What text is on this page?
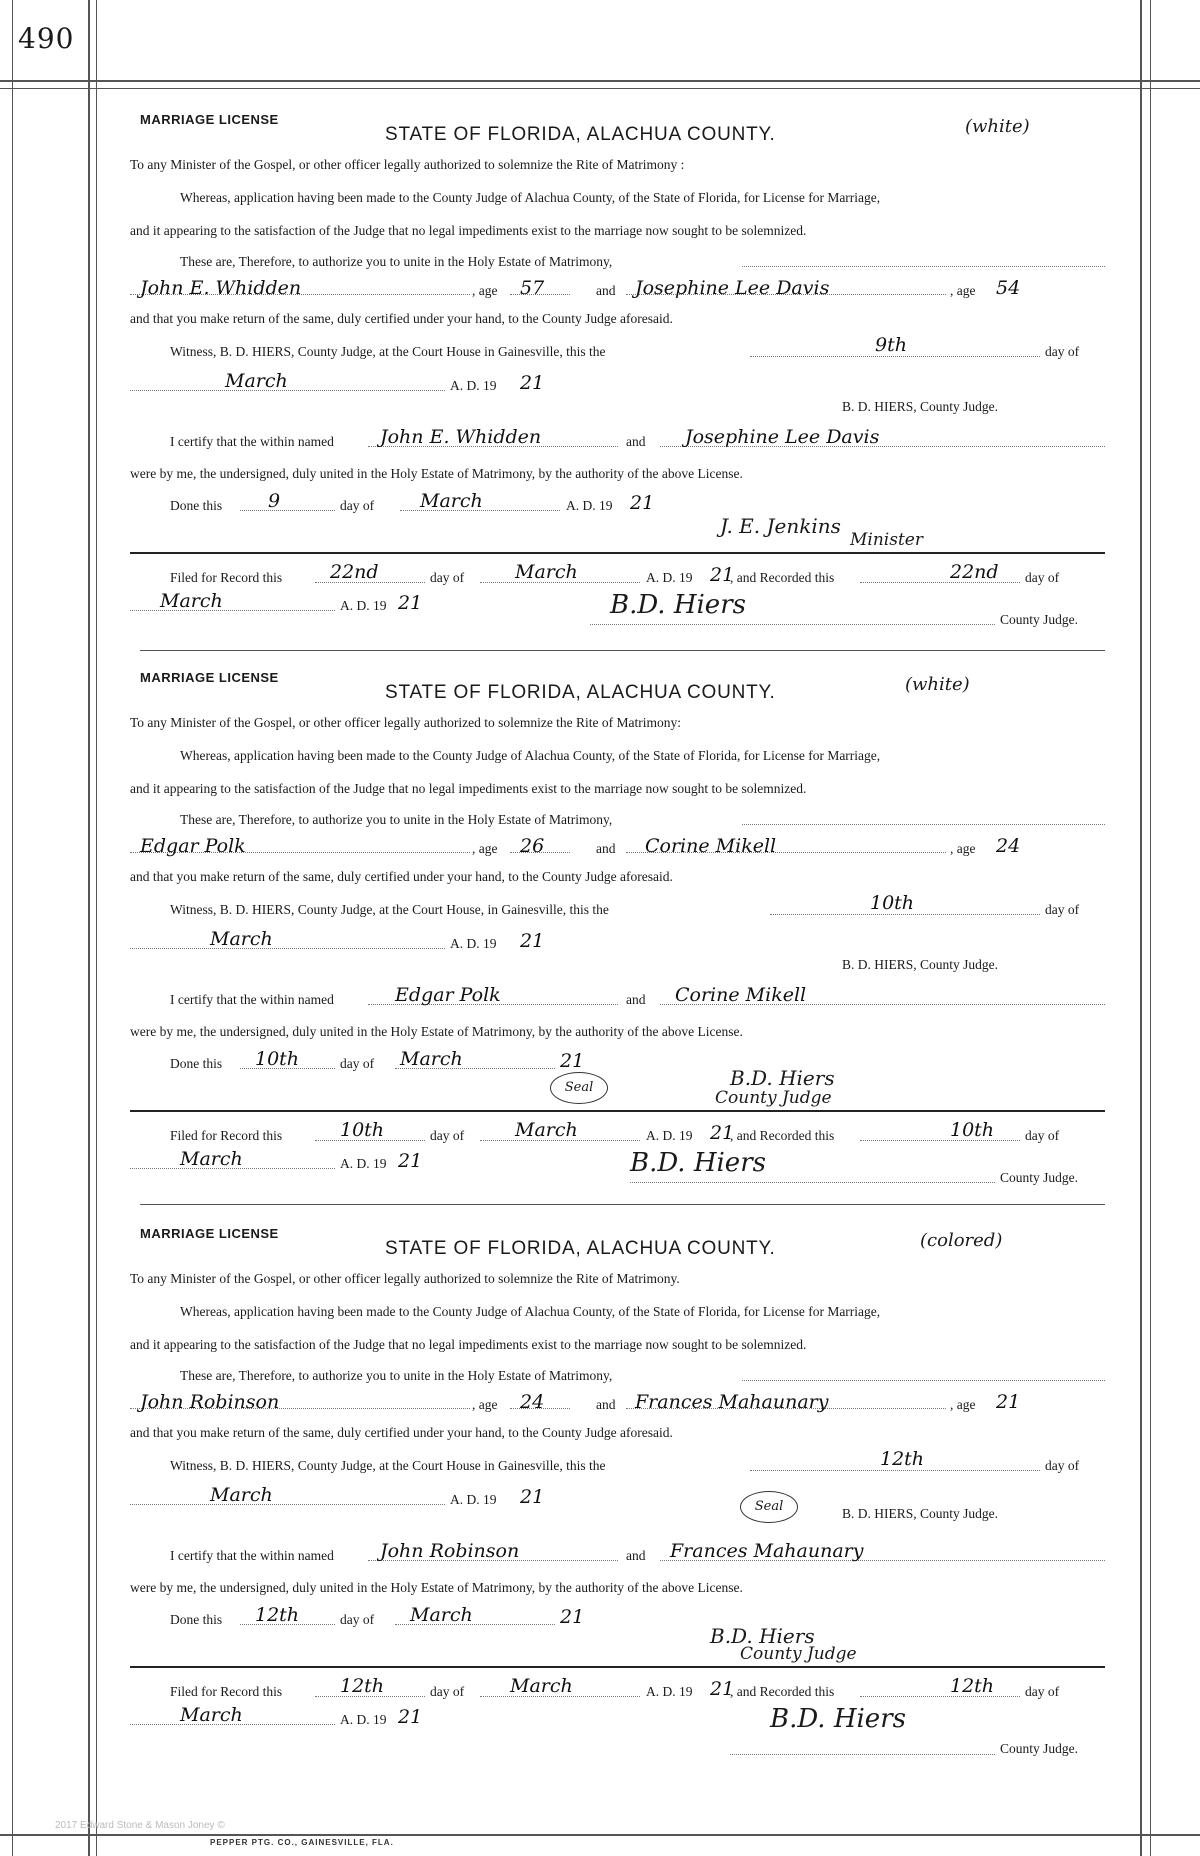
490
2017 Edward Stone & Mason Joney ©
PEPPER PTG. CO., GAINESVILLE, FLA.
MARRIAGE LICENSE
STATE OF FLORIDA, ALACHUA COUNTY.	(white)
To any Minister of the Gospel, or other officer legally authorized to solemnize the Rite of Matrimony :
Whereas, application having been made to the County Judge of Alachua County, of the State of Florida, for License for Marriage,
and it appearing to the satisfaction of the Judge that no legal impediments exist to the marriage now sought to be solemnized.
These are, Therefore, to authorize you to unite in the Holy Estate of Matrimony,
John E. Whidden	, age 57	and Josephine Lee Davis	, age 54
and that you make return of the same, duly certified under your hand, to the County Judge aforesaid.
Witness, B. D. HIERS, County Judge, at the Court House in Gainesville, this the	9th	day of
March	A. D. 19 21
B. D. HIERS, County Judge.
I certify that the within named John E. Whidden	and Josephine Lee Davis
were by me, the undersigned, duly united in the Holy Estate of Matrimony, by the authority of the above License.
Done this 9	day of March	A. D. 19 21
J. E. Jenkins
Minister
Filed for Record this	22nd	day of	March	A. D. 19 21
, and Recorded this	22nd day of
March	A. D. 19 21	B.D. Hiers	County Judge.
MARRIAGE LICENSE
STATE OF FLORIDA, ALACHUA COUNTY.	(white)
To any Minister of the Gospel, or other officer legally authorized to solemnize the Rite of Matrimony:
Whereas, application having been made to the County Judge of Alachua County, of the State of Florida, for License for Marriage,
and it appearing to the satisfaction of the Judge that no legal impediments exist to the marriage now sought to be solemnized.
These are, Therefore, to authorize you to unite in the Holy Estate of Matrimony,
Edgar Polk	, age 26	and Corine Mikell	, age 24
and that you make return of the same, duly certified under your hand, to the County Judge aforesaid.
Witness, B. D. HIERS, County Judge, at the Court House, in Gainesville, this the	10th	day of
March	A. D. 19 21
B. D. HIERS, County Judge.
I certify that the within named	Edgar Polk	and Corine Mikell
were by me, the undersigned, duly united in the Holy Estate of Matrimony, by the authority of the above License.
Done this 10th	day of March	21
Seal	B.D. Hiers
County Judge
Filed for Record this	10th	day of	March	A. D. 19 21
, and Recorded this	10th day of
March	A. D. 19 21	B.D. Hiers	County Judge.
MARRIAGE LICENSE
STATE OF FLORIDA, ALACHUA COUNTY.	(colored)
To any Minister of the Gospel, or other officer legally authorized to solemnize the Rite of Matrimony.
Whereas, application having been made to the County Judge of Alachua County, of the State of Florida, for License for Marriage,
and it appearing to the satisfaction of the Judge that no legal impediments exist to the marriage now sought to be solemnized.
These are, Therefore, to authorize you to unite in the Holy Estate of Matrimony,
John Robinson	, age 24	and Frances Mahaunary	, age 21
and that you make return of the same, duly certified under your hand, to the County Judge aforesaid.
Witness, B. D. HIERS, County Judge, at the Court House in Gainesville, this the	12th	day of
March	A. D. 19 21	Seal	B. D. HIERS, County Judge.
I certify that the within named John Robinson	and Frances Mahaunary
were by me, the undersigned, duly united in the Holy Estate of Matrimony, by the authority of the above License.
Done this 12th	day of March	21
B.D. Hiers
County Judge
Filed for Record this	12th	day of March	A. D. 19 21
, and Recorded this	12th day of
March	A. D. 19 21	B.D. Hiers
County Judge.
